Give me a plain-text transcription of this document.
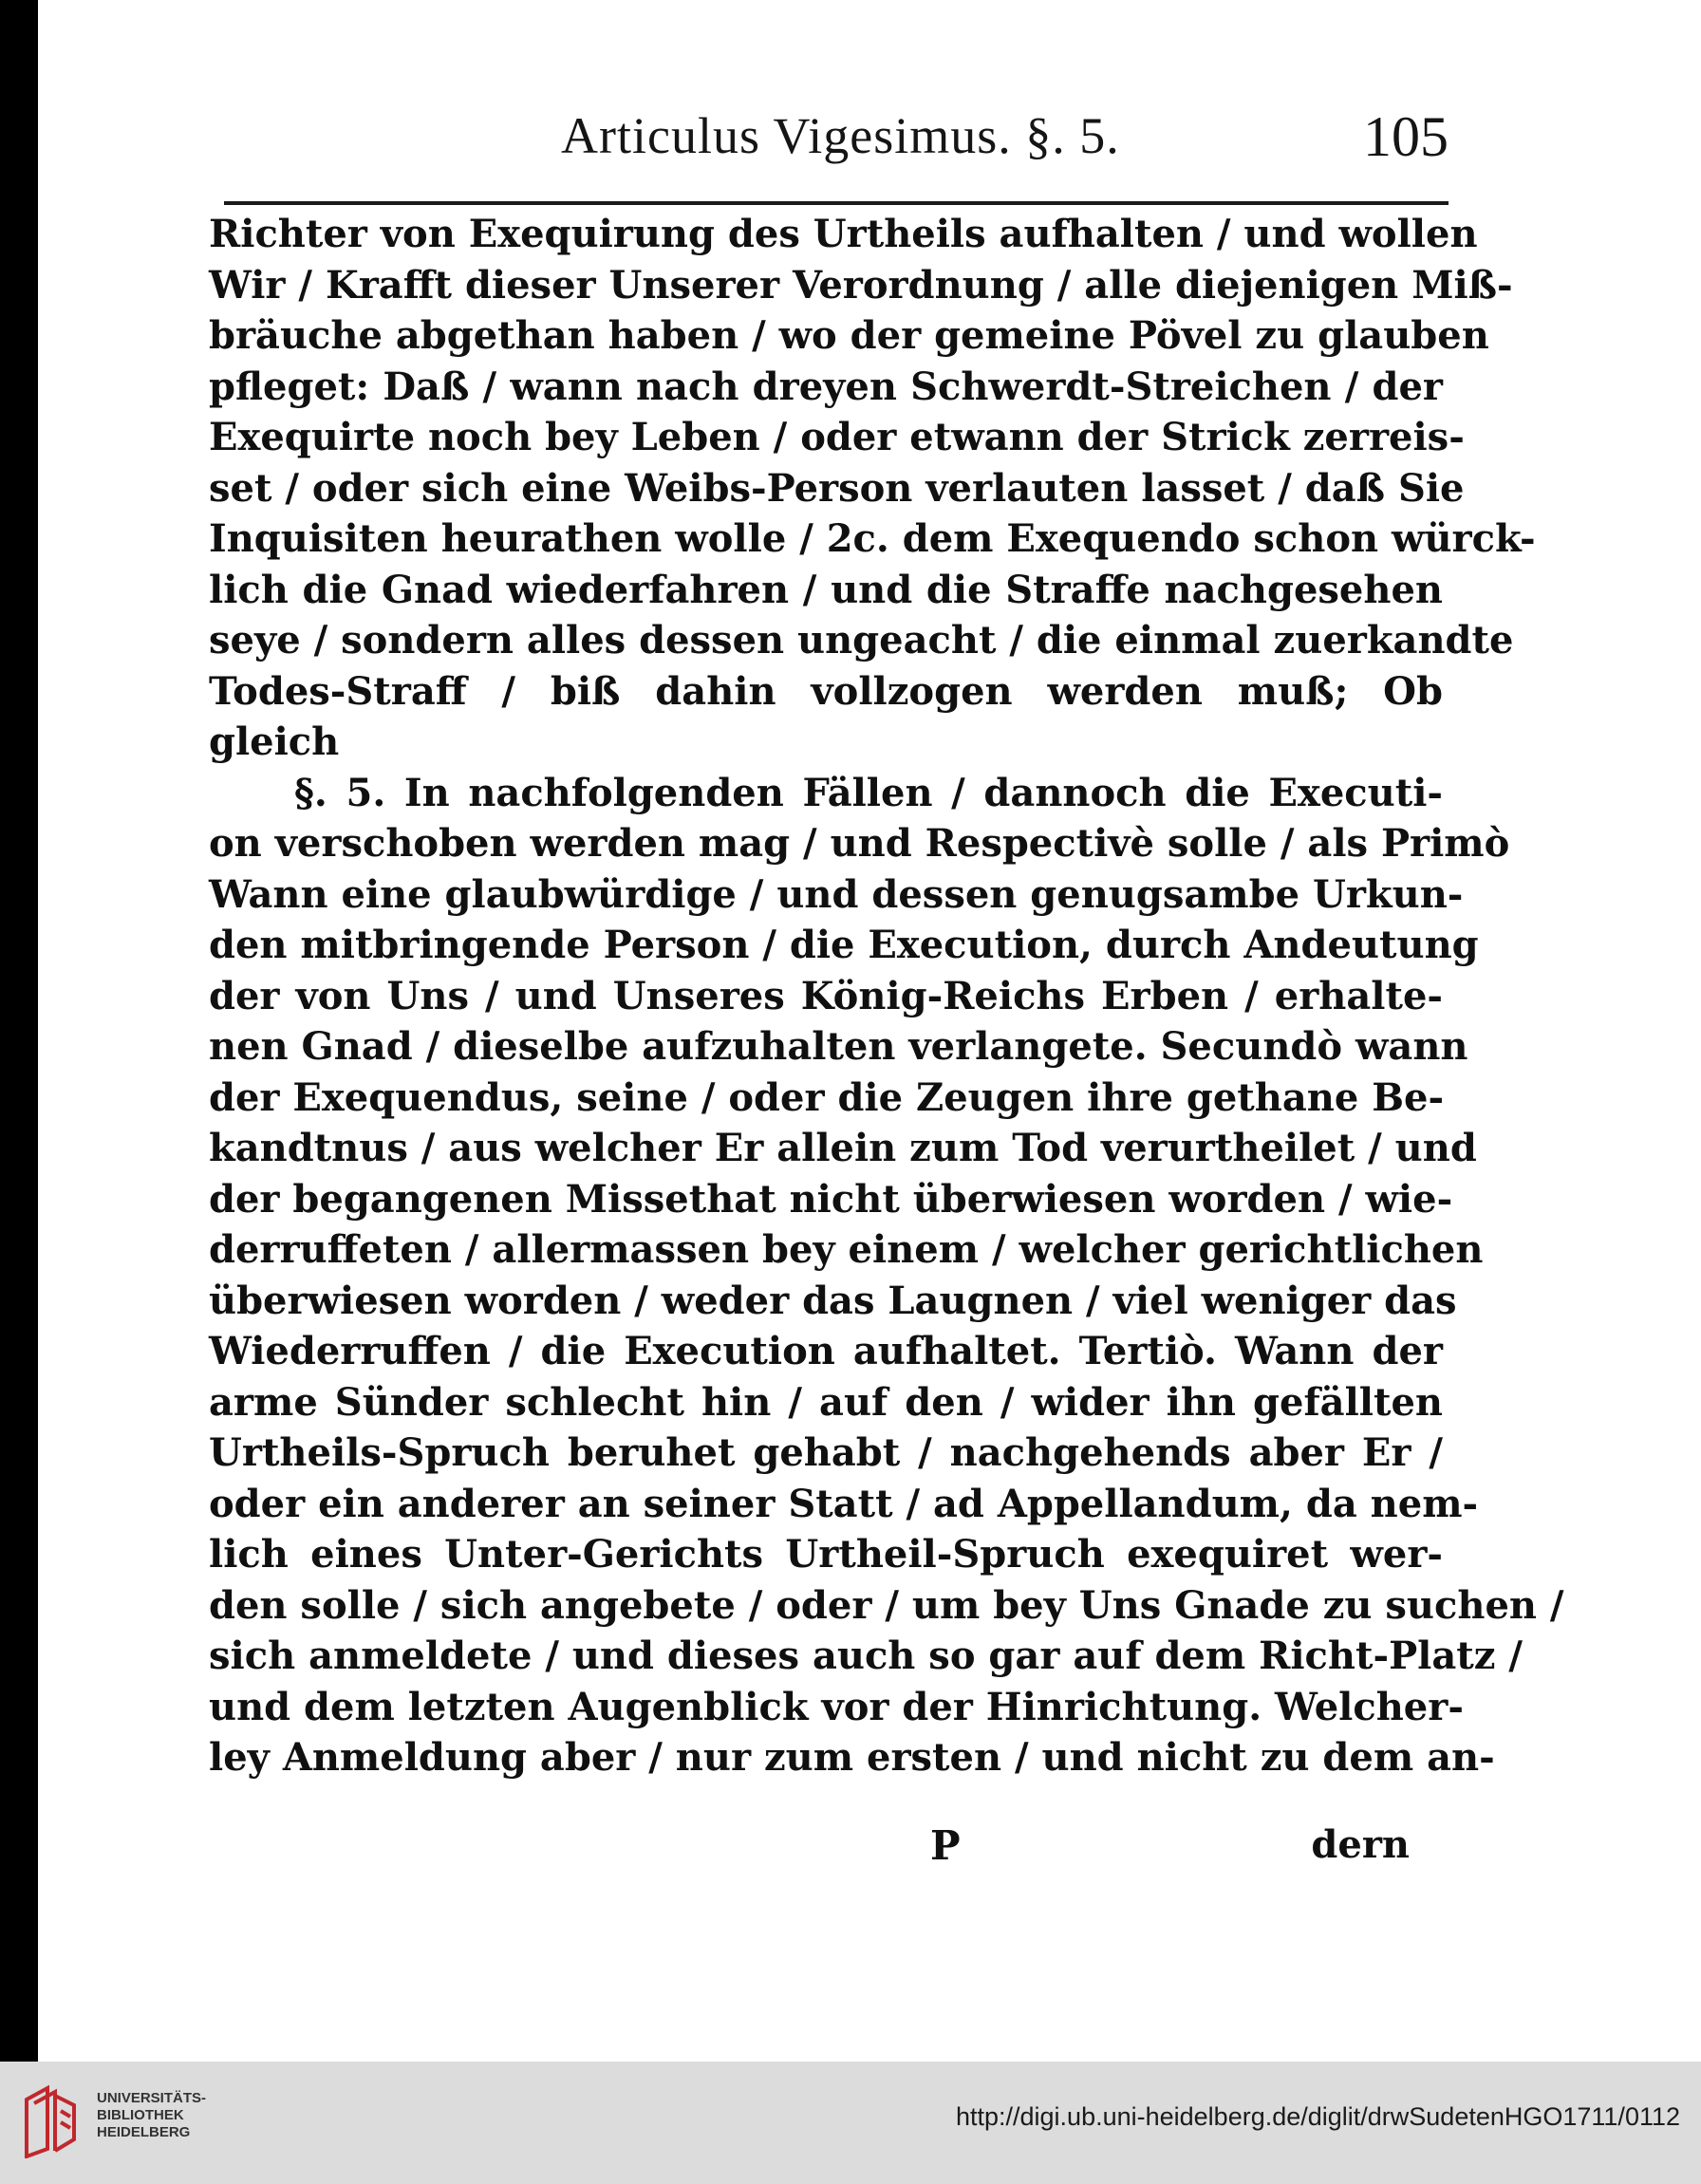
Articulus Vigesimus. §. 5.	105
Richter von Exequirung des Urtheils aufhalten / und wollen
Wir / Krafft dieser Unserer Verordnung / alle diejenigen Miß-
bräuche abgethan haben / wo der gemeine Pövel zu glauben
pfleget: Daß / wann nach dreyen Schwerdt-Streichen / der
Exequirte noch bey Leben / oder etwann der Strick zerreis-
set / oder sich eine Weibs-Person verlauten lasset / daß Sie
Inquisiten heurathen wolle / 2c. dem Exequendo schon würck-
lich die Gnad wiederfahren / und die Straffe nachgesehen
seye / sondern alles dessen ungeacht / die einmal zuerkandte
Todes-Straff / biß dahin vollzogen werden muß; Ob
gleich
§. 5. In nachfolgenden Fällen / dannoch die Executi-
on verschoben werden mag / und Respectivè solle / als Primò
Wann eine glaubwürdige / und dessen genugsambe Urkun-
den mitbringende Person / die Execution, durch Andeutung
der von Uns / und Unseres König-Reichs Erben / erhalte-
nen Gnad / dieselbe aufzuhalten verlangete. Secundò wann
der Exequendus, seine / oder die Zeugen ihre gethane Be-
kandtnus / aus welcher Er allein zum Tod verurtheilet / und
der begangenen Missethat nicht überwiesen worden / wie-
derruffeten / allermassen bey einem / welcher gerichtlichen
überwiesen worden / weder das Laugnen / viel weniger das
Wiederruffen / die Execution aufhaltet. Tertiò. Wann der
arme Sünder schlecht hin / auf den / wider ihn gefällten
Urtheils-Spruch beruhet gehabt / nachgehends aber Er /
oder ein anderer an seiner Statt / ad Appellandum, da nem-
lich eines Unter-Gerichts Urtheil-Spruch exequiret wer-
den solle / sich angebete / oder / um bey Uns Gnade zu suchen /
sich anmeldete / und dieses auch so gar auf dem Richt-Platz /
und dem letzten Augenblick vor der Hinrichtung. Welcher-
ley Anmeldung aber / nur zum ersten / und nicht zu dem an-
P	dern
UNIVERSITÄTS-
BIBLIOTHEK
HEIDELBERG
http://digi.ub.uni-heidelberg.de/diglit/drwSudetenHGO1711/0112
